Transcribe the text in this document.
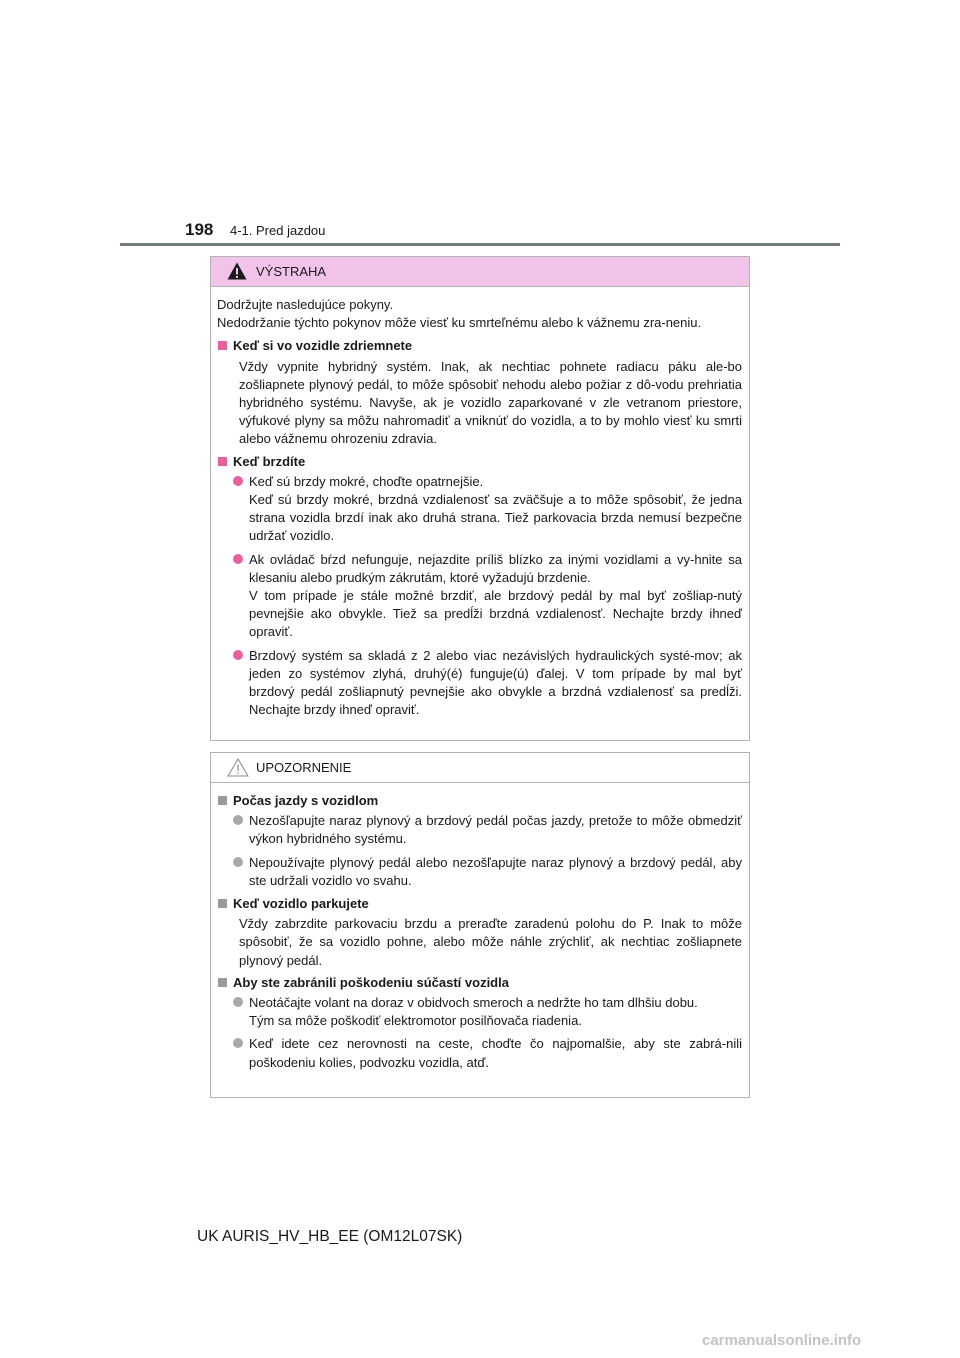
198 4-1. Pred jazdou
VÝSTRAHA

Dodržujte nasledujúce pokyny.

Nedodržanie týchto pokynov môže viesť ku smrteľnému alebo k vážnemu zra-neniu.

Keď si vo vozidle zdriemnete

Vždy vypnite hybridný systém. Inak, ak nechtiac pohnete radiacu páku ale-bo zošliapnete plynový pedál, to môže spôsobiť nehodu alebo požiar z dô-vodu prehriatia hybridného systému. Navyše, ak je vozidlo zaparkované v zle vetranom priestore, výfukové plyny sa môžu nahromadiť a vniknúť do vozidla, a to by mohlo viesť ku smrti alebo vážnemu ohrozeniu zdravia.

Keď brzdíte

Keď sú brzdy mokré, choďte opatrnejšie.

Keď sú brzdy mokré, brzdná vzdialenosť sa zväčšuje a to môže spôsobiť, že jedna strana vozidla brzdí inak ako druhá strana. Tiež parkovacia brzda nemusí bezpečne udržať vozidlo.

Ak ovládač bŕzd nefunguje, nejazdite príliš blízko za inými vozidlami a vy-hnite sa klesaniu alebo prudkým zákrutám, ktoré vyžadujú brzdenie.

V tom prípade je stále možné brzdiť, ale brzdový pedál by mal byť zošliap-nutý pevnejšie ako obvykle. Tiež sa predĺži brzdná vzdialenosť. Nechajte brzdy ihneď opraviť.

Brzdový systém sa skladá z 2 alebo viac nezávislých hydraulických systé-mov; ak jeden zo systémov zlyhá, druhý(é) funguje(ú) ďalej. V tom prípade by mal byť brzdový pedál zošliapnutý pevnejšie ako obvykle a brzdná vzdialenosť sa predĺži. Nechajte brzdy ihneď opraviť.

UPOZORNENIE
Počas jazdy s vozidlom

Nezošľapujte naraz plynový a brzdový pedál počas jazdy, pretože to môže obmedziť výkon hybridného systému.

Nepoužívajte plynový pedál alebo nezošľapujte naraz plynový a brzdový pedál, aby ste udržali vozidlo vo svahu.

Keď vozidlo parkujete

Vždy zabrzdite parkovaciu brzdu a preraďte zaradenú polohu do P. Inak to môže spôsobiť, že sa vozidlo pohne, alebo môže náhle zrýchliť, ak nechtiac zošliapnete plynový pedál.

Aby ste zabránili poškodeniu súčastí vozidla

Neotáčajte volant na doraz v obidvoch smeroch a nedržte ho tam dlhšiu dobu.

Tým sa môže poškodiť elektromotor posilňovača riadenia.

Keď idete cez nerovnosti na ceste, choďte čo najpomalšie, aby ste zabrá-nili poškodeniu kolies, podvozku vozidla, atď.

UK AURIS_HV_HB_EE (OM12L07SK)
carmanualsonline.info
